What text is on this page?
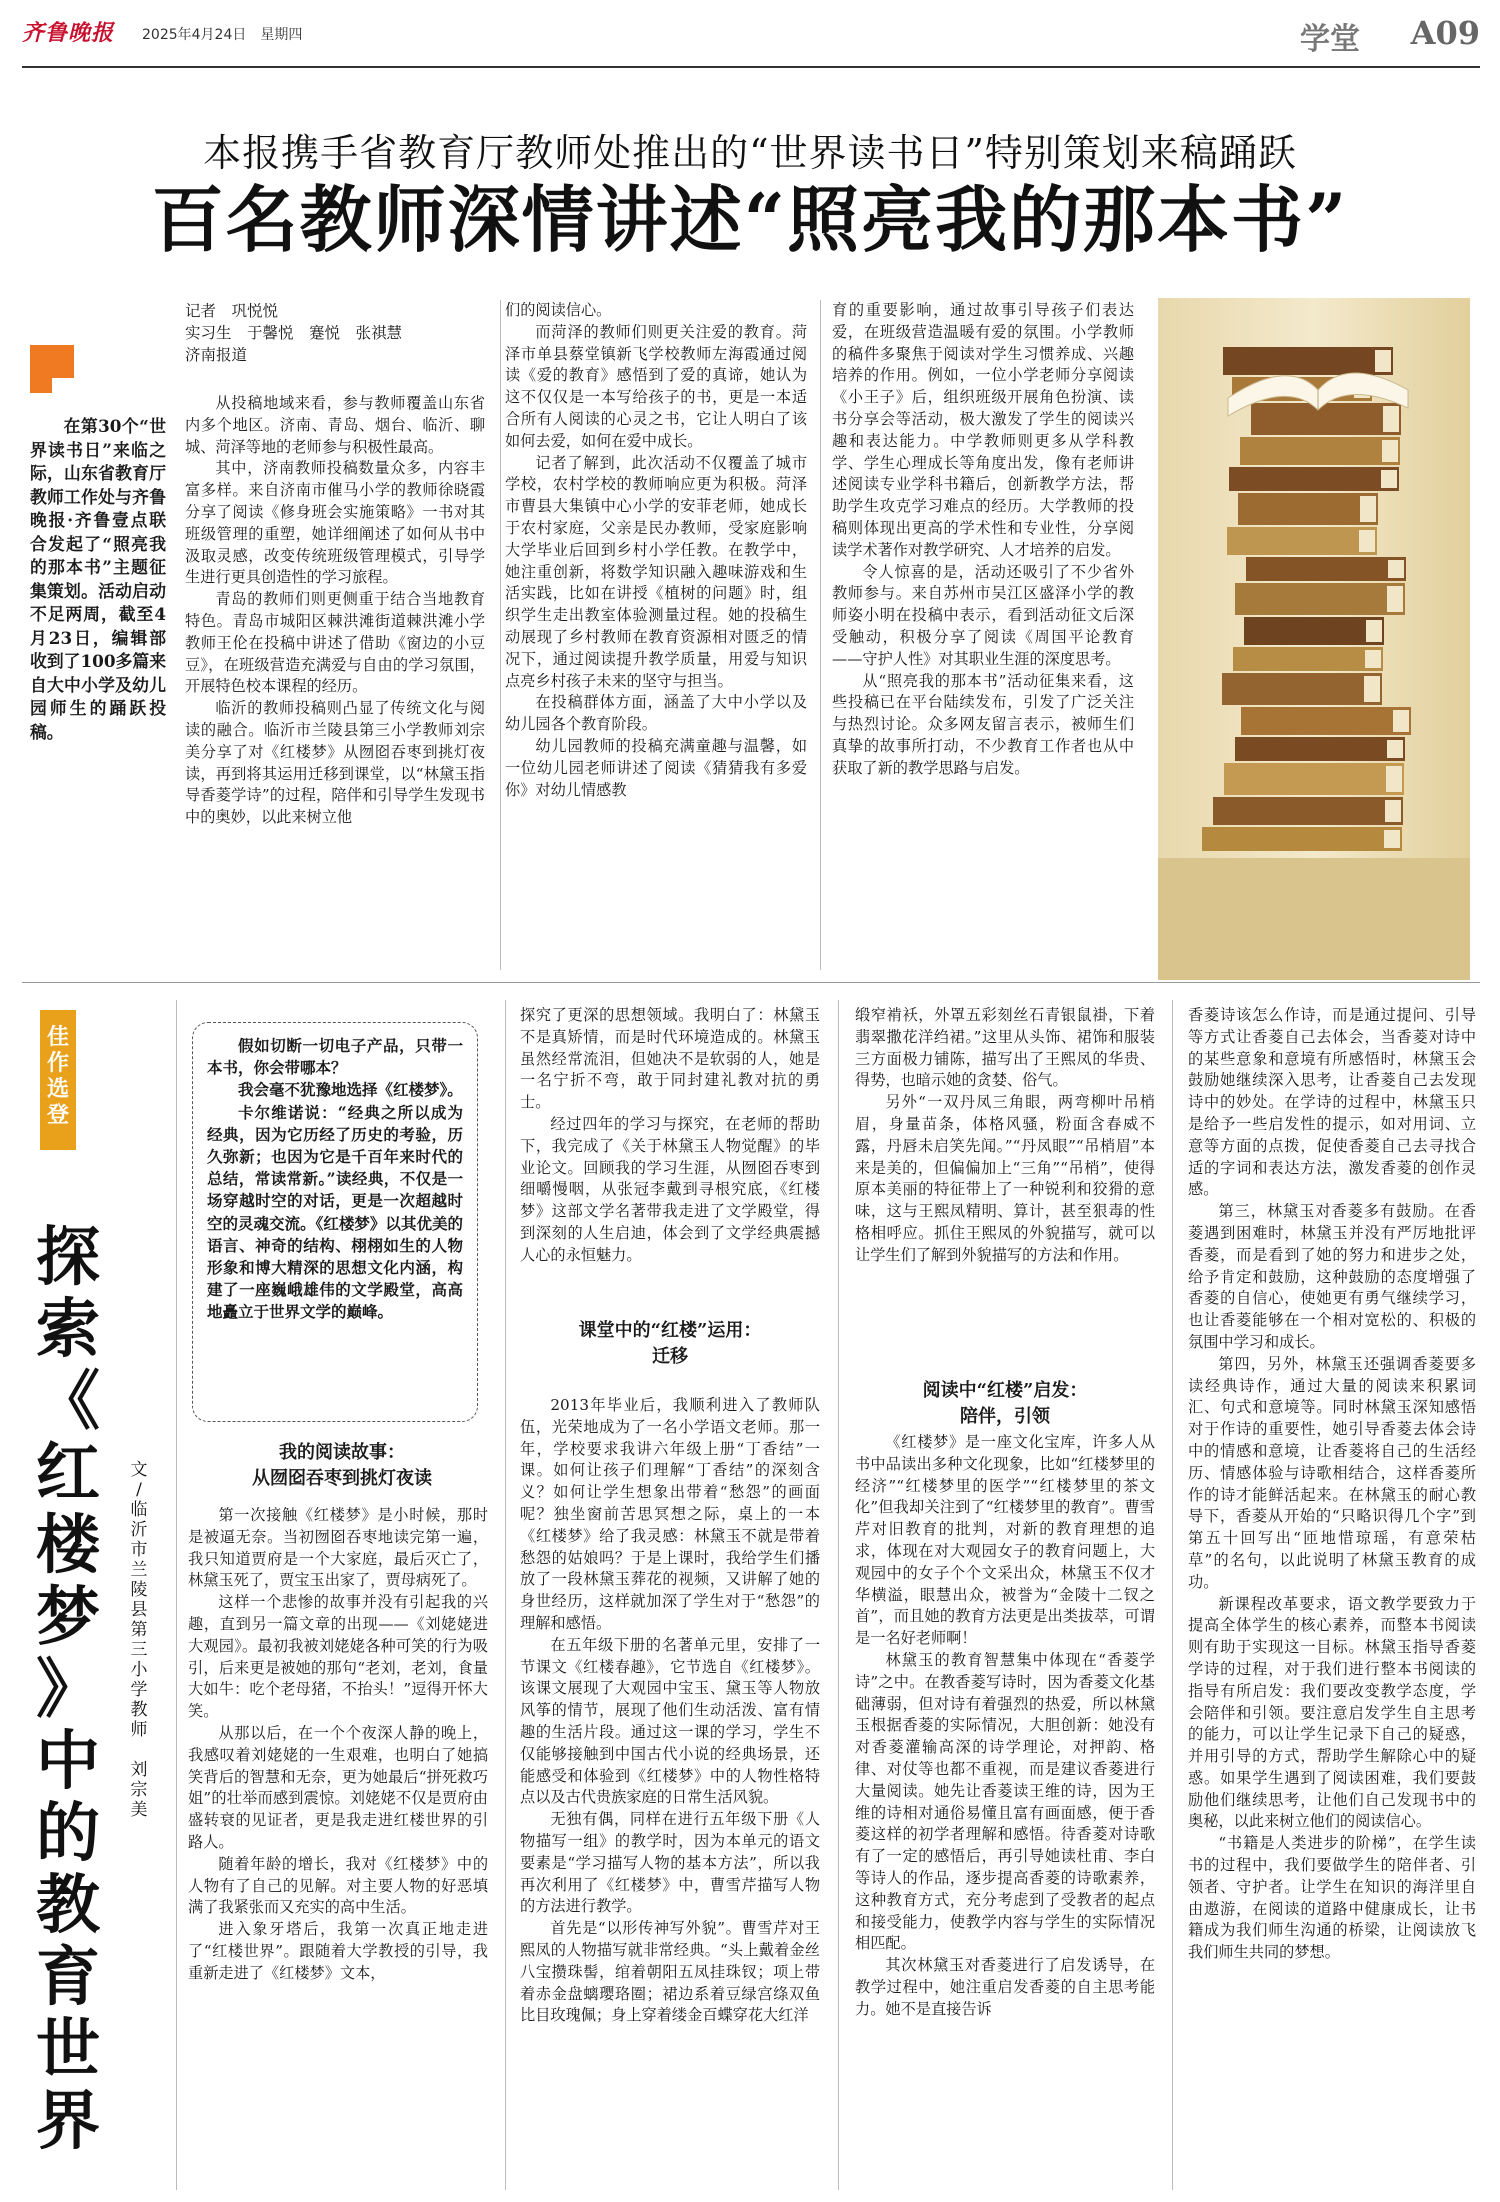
齐鲁晚报 2025年4月24日　星期四	学堂 A09
本报携手省教育厅教师处推出的“世界读书日”特别策划来稿踊跃
百名教师深情讲述“照亮我的那本书”
记者　巩悦悦
实习生　于馨悦　蹇悦　张祺慧
济南报道

在第30个“世界读书日”来临之际，山东省教育厅教师工作处与齐鲁晚报·齐鲁壹点联合发起了“照亮我的那本书”主题征集策划。活动启动不足两周，截至4月23日，编辑部收到了100多篇来自大中小学及幼儿园师生的踊跃投稿。

从投稿地域来看，参与教师覆盖山东省内多个地区。济南、青岛、烟台、临沂、聊城、菏泽等地的老师参与积极性最高。

其中，济南教师投稿数量众多，内容丰富多样。来自济南市催马小学的教师徐晓霞分享了阅读《修身班会实施策略》一书对其班级管理的重塑，她详细阐述了如何从书中汲取灵感，改变传统班级管理模式，引导学生进行更具创造性的学习旅程。

青岛的教师们则更侧重于结合当地教育特色。青岛市城阳区棘洪滩街道棘洪滩小学教师王伦在投稿中讲述了借助《窗边的小豆豆》，在班级营造充满爱与自由的学习氛围，开展特色校本课程的经历。

临沂的教师投稿则凸显了传统文化与阅读的融合。临沂市兰陵县第三小学教师刘宗美分享了对《红楼梦》从囫囵吞枣到挑灯夜读，再到将其运用迁移到课堂，以“林黛玉指导香菱学诗”的过程，陪伴和引导学生发现书中的奥妙，以此来树立他

们的阅读信心。

而菏泽的教师们则更关注爱的教育。菏泽市单县蔡堂镇新飞学校教师左海霞通过阅读《爱的教育》感悟到了爱的真谛，她认为这不仅仅是一本写给孩子的书，更是一本适合所有人阅读的心灵之书，它让人明白了该如何去爱，如何在爱中成长。

记者了解到，此次活动不仅覆盖了城市学校，农村学校的教师响应更为积极。菏泽市曹县大集镇中心小学的安菲老师，她成长于农村家庭，父亲是民办教师，受家庭影响大学毕业后回到乡村小学任教。在教学中，她注重创新，将数学知识融入趣味游戏和生活实践，比如在讲授《植树的问题》时，组织学生走出教室体验测量过程。她的投稿生动展现了乡村教师在教育资源相对匮乏的情况下，通过阅读提升教学质量，用爱与知识点亮乡村孩子未来的坚守与担当。

在投稿群体方面，涵盖了大中小学以及幼儿园各个教育阶段。

幼儿园教师的投稿充满童趣与温馨，如一位幼儿园老师讲述了阅读《猜猜我有多爱你》对幼儿情感教

育的重要影响，通过故事引导孩子们表达爱，在班级营造温暖有爱的氛围。小学教师的稿件多聚焦于阅读对学生习惯养成、兴趣培养的作用。例如，一位小学老师分享阅读《小王子》后，组织班级开展角色扮演、读书分享会等活动，极大激发了学生的阅读兴趣和表达能力。中学教师则更多从学科教学、学生心理成长等角度出发，像有老师讲述阅读专业学科书籍后，创新教学方法，帮助学生攻克学习难点的经历。大学教师的投稿则体现出更高的学术性和专业性，分享阅读学术著作对教学研究、人才培养的启发。

令人惊喜的是，活动还吸引了不少省外教师参与。来自苏州市吴江区盛泽小学的教师姿小明在投稿中表示，看到活动征文后深受触动，积极分享了阅读《周国平论教育——守护人性》对其职业生涯的深度思考。

从“照亮我的那本书”活动征集来看，这些投稿已在平台陆续发布，引发了广泛关注与热烈讨论。众多网友留言表示，被师生们真挚的故事所打动，不少教育工作者也从中获取了新的教学思路与启发。

佳
作
选
登
探
索
《
红
楼
梦
》
中
的
教
育
世
界
文
/
临
沂
市
兰
陵
县
第
三
小
学
教
师

刘
宗
美

假如切断一切电子产品，只带一本书，你会带哪本？

我会毫不犹豫地选择《红楼梦》。

卡尔维诺说：“经典之所以成为经典，因为它历经了历史的考验，历久弥新；也因为它是千百年来时代的总结，常读常新。”读经典，不仅是一场穿越时空的对话，更是一次超越时空的灵魂交流。《红楼梦》以其优美的语言、神奇的结构、栩栩如生的人物形象和博大精深的思想文化内涵，构建了一座巍峨雄伟的文学殿堂，高高地矗立于世界文学的巅峰。

我的阅读故事：
从囫囵吞枣到挑灯夜读

第一次接触《红楼梦》是小时候，那时是被逼无奈。当初囫囵吞枣地读完第一遍，我只知道贾府是一个大家庭，最后灭亡了，林黛玉死了，贾宝玉出家了，贾母病死了。

这样一个悲惨的故事并没有引起我的兴趣，直到另一篇文章的出现——《刘姥姥进大观园》。最初我被刘姥姥各种可笑的行为吸引，后来更是被她的那句“老刘，老刘，食量大如牛：吃个老母猪，不抬头！”逗得开怀大笑。

从那以后，在一个个夜深人静的晚上，我感叹着刘姥姥的一生艰难，也明白了她搞笑背后的智慧和无奈，更为她最后“拼死救巧姐”的壮举而感到震惊。刘姥姥不仅是贾府由盛转衰的见证者，更是我走进红楼世界的引路人。

随着年龄的增长，我对《红楼梦》中的人物有了自己的见解。对主要人物的好恶填满了我紧张而又充实的高中生活。

进入象牙塔后，我第一次真正地走进了“红楼世界”。跟随着大学教授的引导，我重新走进了《红楼梦》文本，

探究了更深的思想领域。我明白了：林黛玉不是真矫情，而是时代环境造成的。林黛玉虽然经常流泪，但她决不是软弱的人，她是一名宁折不弯，敢于同封建礼教对抗的勇士。

经过四年的学习与探究，在老师的帮助下，我完成了《关于林黛玉人物觉醒》的毕业论文。回顾我的学习生涯，从囫囵吞枣到细嚼慢咽，从张冠李戴到寻根究底，《红楼梦》这部文学名著带我走进了文学殿堂，得到深刻的人生启迪，体会到了文学经典震撼人心的永恒魅力。

课堂中的“红楼”运用：
迁移

2013年毕业后，我顺利进入了教师队伍，光荣地成为了一名小学语文老师。那一年，学校要求我讲六年级上册“丁香结”一课。如何让孩子们理解“丁香结”的深刻含义？如何让学生想象出带着“愁怨”的画面呢？独坐窗前苦思冥想之际，桌上的一本《红楼梦》给了我灵感：林黛玉不就是带着愁怨的姑娘吗？于是上课时，我给学生们播放了一段林黛玉葬花的视频，又讲解了她的身世经历，这样就加深了学生对于“愁怨”的理解和感悟。

在五年级下册的名著单元里，安排了一节课文《红楼春趣》，它节选自《红楼梦》。该课文展现了大观园中宝玉、黛玉等人物放风筝的情节，展现了他们生动活泼、富有情趣的生活片段。通过这一课的学习，学生不仅能够接触到中国古代小说的经典场景，还能感受和体验到《红楼梦》中的人物性格特点以及古代贵族家庭的日常生活风貌。

无独有偶，同样在进行五年级下册《人物描写一组》的教学时，因为本单元的语文要素是“学习描写人物的基本方法”，所以我再次利用了《红楼梦》中，曹雪芹描写人物的方法进行教学。

首先是“以形传神写外貌”。曹雪芹对王熙凤的人物描写就非常经典。“头上戴着金丝八宝攒珠髻，绾着朝阳五凤挂珠钗；项上带着赤金盘螭璎珞圈；裙边系着豆绿宫绦双鱼比目玫瑰佩；身上穿着缕金百蝶穿花大红洋

缎窄褃袄，外罩五彩刻丝石青银鼠褂，下着翡翠撒花洋绉裙。”这里从头饰、裙饰和服装三方面极力铺陈，描写出了王熙凤的华贵、得势，也暗示她的贪婪、俗气。

另外“一双丹凤三角眼，两弯柳叶吊梢眉，身量苗条，体格风骚，粉面含春威不露，丹唇未启笑先闻。”“丹凤眼”“吊梢眉”本来是美的，但偏偏加上“三角”“吊梢”，使得原本美丽的特征带上了一种锐利和狡猾的意味，这与王熙凤精明、算计，甚至狠毒的性格相呼应。抓住王熙凤的外貌描写，就可以让学生们了解到外貌描写的方法和作用。

阅读中“红楼”启发：
陪伴，引领

《红楼梦》是一座文化宝库，许多人从书中品读出多种文化现象，比如“红楼梦里的经济”“红楼梦里的医学”“红楼梦里的茶文化”但我却关注到了“红楼梦里的教育”。曹雪芹对旧教育的批判，对新的教育理想的追求，体现在对大观园女子的教育问题上，大观园中的女子个个文采出众，林黛玉不仅才华横溢，眼慧出众，被誉为“金陵十二钗之首”，而且她的教育方法更是出类拔萃，可谓是一名好老师啊！

林黛玉的教育智慧集中体现在“香菱学诗”之中。在教香菱写诗时，因为香菱文化基础薄弱，但对诗有着强烈的热爱，所以林黛玉根据香菱的实际情况，大胆创新：她没有对香菱灌输高深的诗学理论，对押韵、格律、对仗等也都不重视，而是建议香菱进行大量阅读。她先让香菱读王维的诗，因为王维的诗相对通俗易懂且富有画面感，便于香菱这样的初学者理解和感悟。待香菱对诗歌有了一定的感悟后，再引导她读杜甫、李白等诗人的作品，逐步提高香菱的诗歌素养，这种教育方式，充分考虑到了受教者的起点和接受能力，使教学内容与学生的实际情况相匹配。

其次林黛玉对香菱进行了启发诱导，在教学过程中，她注重启发香菱的自主思考能力。她不是直接告诉

香菱诗该怎么作诗，而是通过提问、引导等方式让香菱自己去体会，当香菱对诗中的某些意象和意境有所感悟时，林黛玉会鼓励她继续深入思考，让香菱自己去发现诗中的妙处。在学诗的过程中，林黛玉只是给予一些启发性的提示，如对用词、立意等方面的点拨，促使香菱自己去寻找合适的字词和表达方法，激发香菱的创作灵感。

第三，林黛玉对香菱多有鼓励。在香菱遇到困难时，林黛玉并没有严厉地批评香菱，而是看到了她的努力和进步之处，给予肯定和鼓励，这种鼓励的态度增强了香菱的自信心，使她更有勇气继续学习，也让香菱能够在一个相对宽松的、积极的氛围中学习和成长。

第四，另外，林黛玉还强调香菱要多读经典诗作，通过大量的阅读来积累词汇、句式和意境等。同时林黛玉深知感悟对于作诗的重要性，她引导香菱去体会诗中的情感和意境，让香菱将自己的生活经历、情感体验与诗歌相结合，这样香菱所作的诗才能鲜活起来。在林黛玉的耐心教导下，香菱从开始的“只略识得几个字”到第五十回写出“匝地惜琼瑶，有意荣枯草”的名句，以此说明了林黛玉教育的成功。

新课程改革要求，语文教学要致力于提高全体学生的核心素养，而整本书阅读则有助于实现这一目标。林黛玉指导香菱学诗的过程，对于我们进行整本书阅读的指导有所启发：我们要改变教学态度，学会陪伴和引领。要注意启发学生自主思考的能力，可以让学生记录下自己的疑惑，并用引导的方式，帮助学生解除心中的疑惑。如果学生遇到了阅读困难，我们要鼓励他们继续思考，让他们自己发现书中的奥秘，以此来树立他们的阅读信心。

“书籍是人类进步的阶梯”，在学生读书的过程中，我们要做学生的陪伴者、引领者、守护者。让学生在知识的海洋里自由遨游，在阅读的道路中健康成长，让书籍成为我们师生沟通的桥梁，让阅读放飞我们师生共同的梦想。
